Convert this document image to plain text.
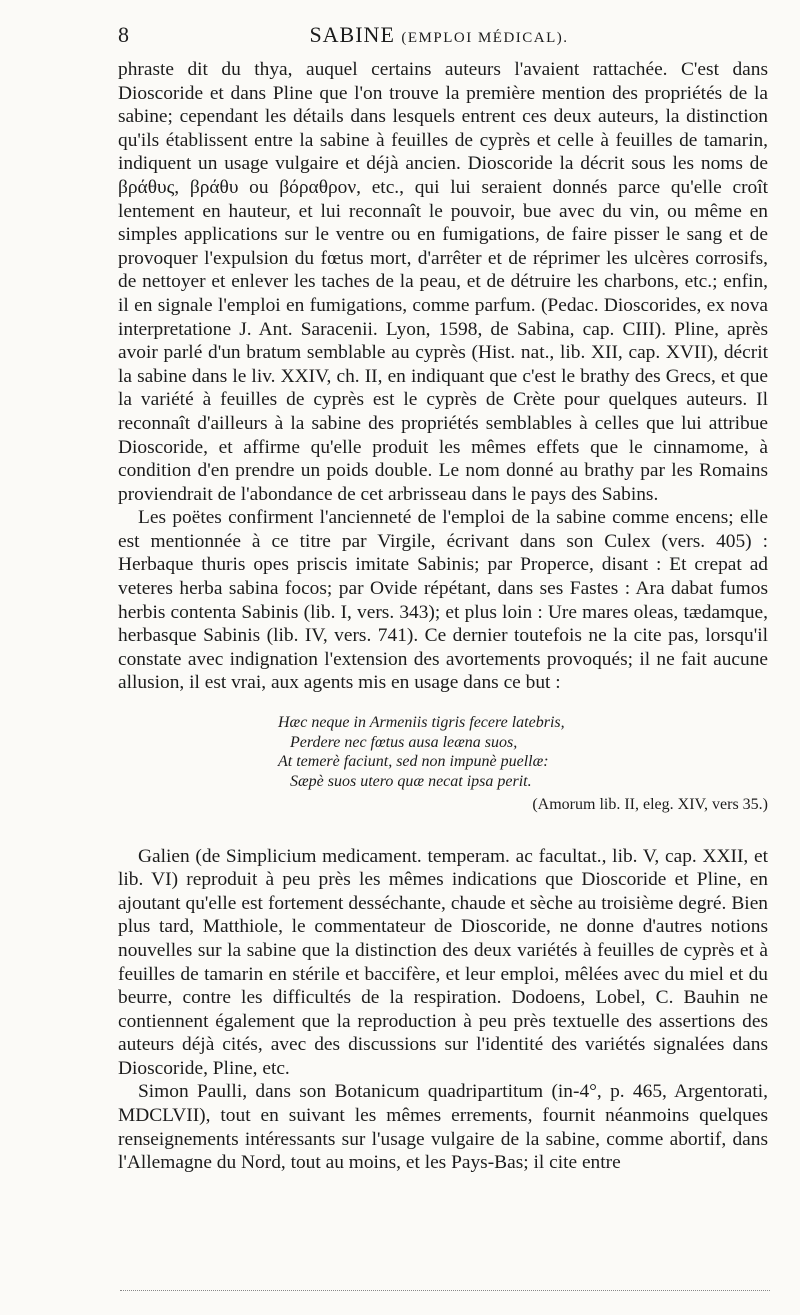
8	SABINE (EMPLOI MÉDICAL).

phraste dit du thya, auquel certains auteurs l'avaient rattachée. C'est dans Dioscoride et dans Pline que l'on trouve la première mention des propriétés de la sabine; cependant les détails dans lesquels entrent ces deux auteurs, la distinction qu'ils établissent entre la sabine à feuilles de cyprès et celle à feuilles de tamarin, indiquent un usage vulgaire et déjà ancien. Dioscoride la décrit sous les noms de βράθυς, βράθυ ou βόραθρον, etc., qui lui seraient donnés parce qu'elle croît lentement en hauteur, et lui reconnaît le pouvoir, bue avec du vin, ou même en simples applications sur le ventre ou en fumigations, de faire pisser le sang et de provoquer l'expulsion du fœtus mort, d'arrêter et de réprimer les ulcères corrosifs, de nettoyer et enlever les taches de la peau, et de détruire les charbons, etc.; enfin, il en signale l'emploi en fumigations, comme parfum. (Pedac. Dioscorides, ex nova interpretatione J. Ant. Saracenii. Lyon, 1598, de Sabina, cap. CIII). Pline, après avoir parlé d'un bratum semblable au cyprès (Hist. nat., lib. XII, cap. XVII), décrit la sabine dans le liv. XXIV, ch. II, en indiquant que c'est le brathy des Grecs, et que la variété à feuilles de cyprès est le cyprès de Crète pour quelques auteurs. Il reconnaît d'ailleurs à la sabine des propriétés semblables à celles que lui attribue Dioscoride, et affirme qu'elle produit les mêmes effets que le cinnamome, à condition d'en prendre un poids double. Le nom donné au brathy par les Romains proviendrait de l'abondance de cet arbrisseau dans le pays des Sabins.

Les poëtes confirment l'ancienneté de l'emploi de la sabine comme encens; elle est mentionnée à ce titre par Virgile, écrivant dans son Culex (vers. 405) : Herbaque thuris opes priscis imitate Sabinis; par Properce, disant : Et crepat ad veteres herba sabina focos; par Ovide répétant, dans ses Fastes : Ara dabat fumos herbis contenta Sabinis (lib. I, vers. 343); et plus loin : Ure mares oleas, tædamque, herbasque Sabinis (lib. IV, vers. 741). Ce dernier toutefois ne la cite pas, lorsqu'il constate avec indignation l'extension des avortements provoqués; il ne fait aucune allusion, il est vrai, aux agents mis en usage dans ce but :

Hæc neque in Armeniis tigris fecere latebris,
Perdere nec fœtus ausa leæna suos,
At temerè faciunt, sed non impunè puellæ:
Sæpè suos utero quæ necat ipsa perit.
(Amorum lib. II, eleg. XIV, vers 35.)

Galien (de Simplicium medicament. temperam. ac facultat., lib. V, cap. XXII, et lib. VI) reproduit à peu près les mêmes indications que Dioscoride et Pline, en ajoutant qu'elle est fortement desséchante, chaude et sèche au troisième degré. Bien plus tard, Matthiole, le commentateur de Dioscoride, ne donne d'autres notions nouvelles sur la sabine que la distinction des deux variétés à feuilles de cyprès et à feuilles de tamarin en stérile et baccifère, et leur emploi, mêlées avec du miel et du beurre, contre les difficultés de la respiration. Dodoens, Lobel, C. Bauhin ne contiennent également que la reproduction à peu près textuelle des assertions des auteurs déjà cités, avec des discussions sur l'identité des variétés signalées dans Dioscoride, Pline, etc.

Simon Paulli, dans son Botanicum quadripartitum (in-4°, p. 465, Argentorati, MDCLVII), tout en suivant les mêmes errements, fournit néanmoins quelques renseignements intéressants sur l'usage vulgaire de la sabine, comme abortif, dans l'Allemagne du Nord, tout au moins, et les Pays-Bas; il cite entre
